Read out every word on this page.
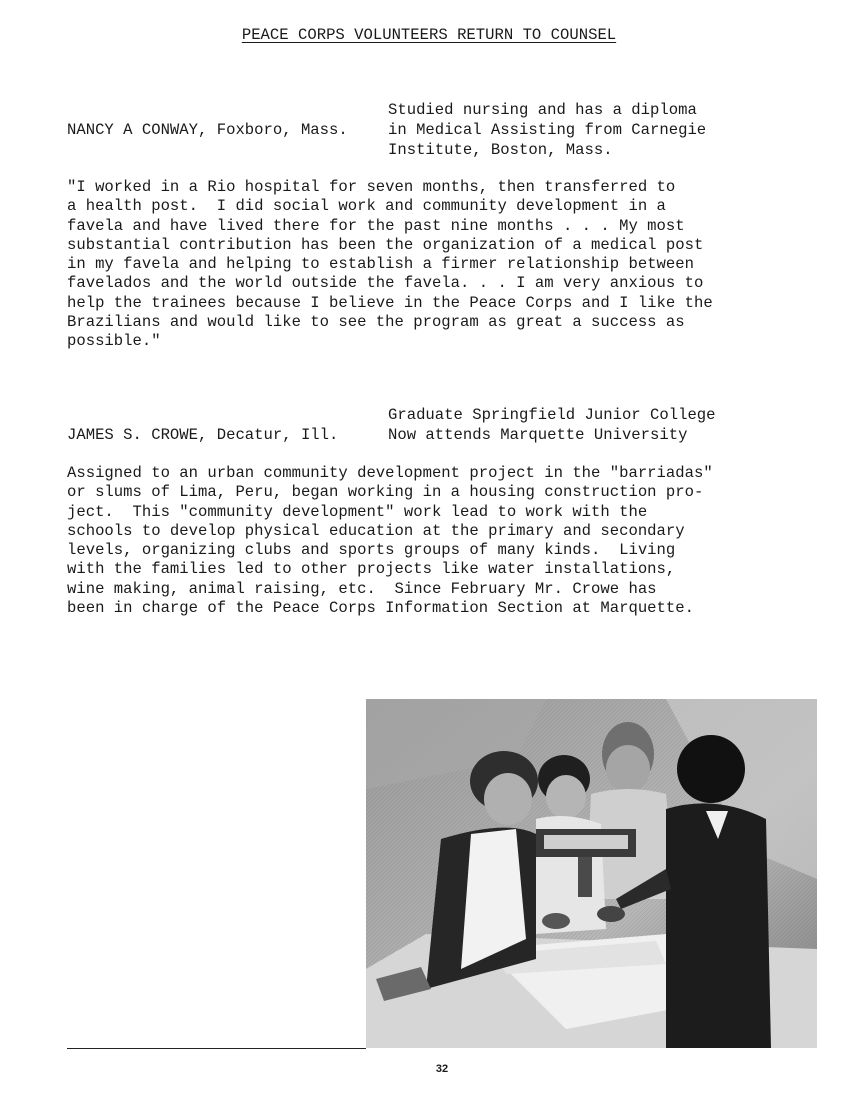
PEACE CORPS VOLUNTEERS RETURN TO COUNSEL
NANCY A CONWAY, Foxboro, Mass.
Studied nursing and has a diploma
in Medical Assisting from Carnegie
Institute, Boston, Mass.
"I worked in a Rio hospital for seven months, then transferred to
a health post.  I did social work and community development in a
favela and have lived there for the past nine months . . . My most
substantial contribution has been the organization of a medical post
in my favela and helping to establish a firmer relationship between
favelados and the world outside the favela. . . I am very anxious to
help the trainees because I believe in the Peace Corps and I like the
Brazilians and would like to see the program as great a success as
possible."
JAMES S. CROWE, Decatur, Ill.
Graduate Springfield Junior College
Now attends Marquette University
Assigned to an urban community development project in the "barriadas"
or slums of Lima, Peru, began working in a housing construction pro-
ject.  This "community development" work lead to work with the
schools to develop physical education at the primary and secondary
levels, organizing clubs and sports groups of many kinds.  Living
with the families led to other projects like water installations,
wine making, animal raising, etc.  Since February Mr. Crowe has
been in charge of the Peace Corps Information Section at Marquette.
32
